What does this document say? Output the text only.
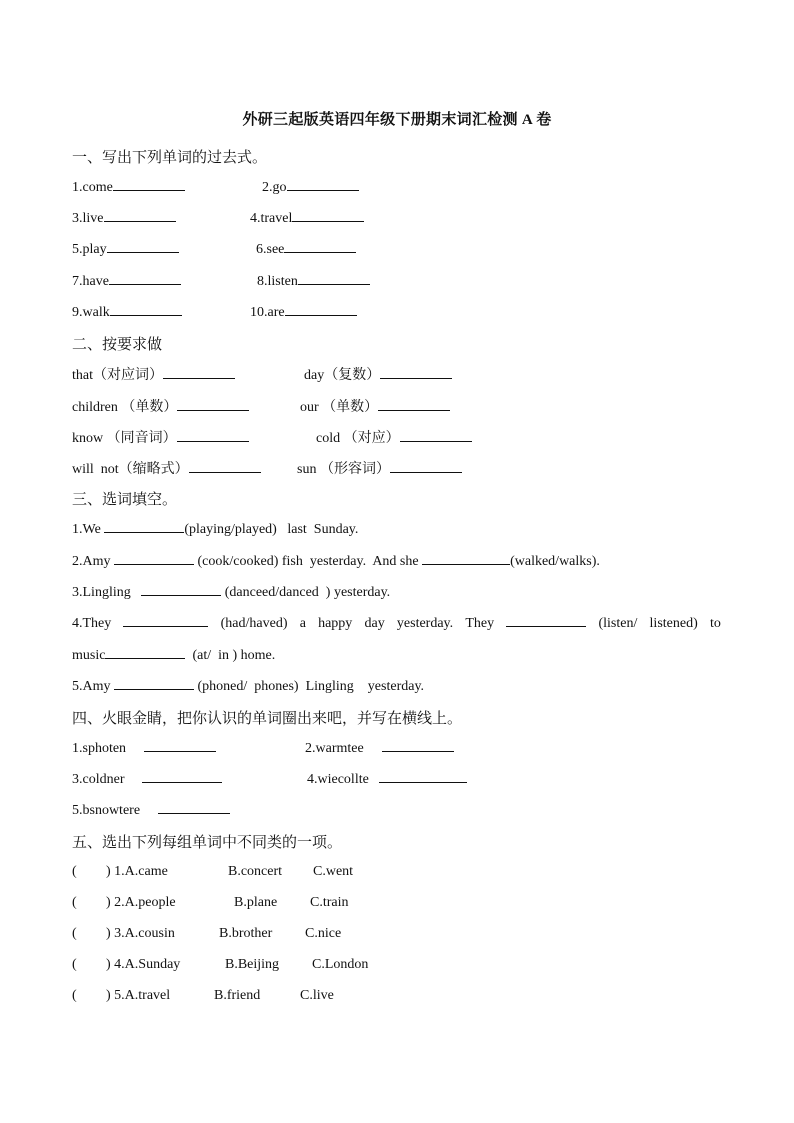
外研三起版英语四年级下册期末词汇检测 A 卷
一、写出下列单词的过去式。
1.come	2.go
3.live	4.travel
5.play	6.see
7.have	8.listen
9.walk	10.are
二、按要求做
that（对应词）	day（复数）
children （单数）	our （单数）
know （同音词）	cold （对应）
will  not（缩略式）	sun （形容词）
三、选词填空。
1.We	(playing/played)   last  Sunday.
2.Amy	(cook/cooked) fish  yesterday.  And she	(walked/walks).
3.Lingling	(danceed/danced  ) yesterday.
4.They	(had/haved) a happy day yesterday. They	(listen/ listened) to
music	(at/  in ) home.
5.Amy	(phoned/  phones)  Lingling    yesterday.
四、火眼金睛，把你认识的单词圈出来吧，并写在横线上。
1.sphoten	2.warmtee
3.coldner	4.wiecollte
5.bsnowtere
五、选出下列每组单词中不同类的一项。
( ) 1.A.came	B.concert C.went
( ) 2.A.people	B.plane C.train
( ) 3.A.cousin	B.brother C.nice
( ) 4.A.Sunday	B.Beijing C.London
( ) 5.A.travel	B.friend	C.live
